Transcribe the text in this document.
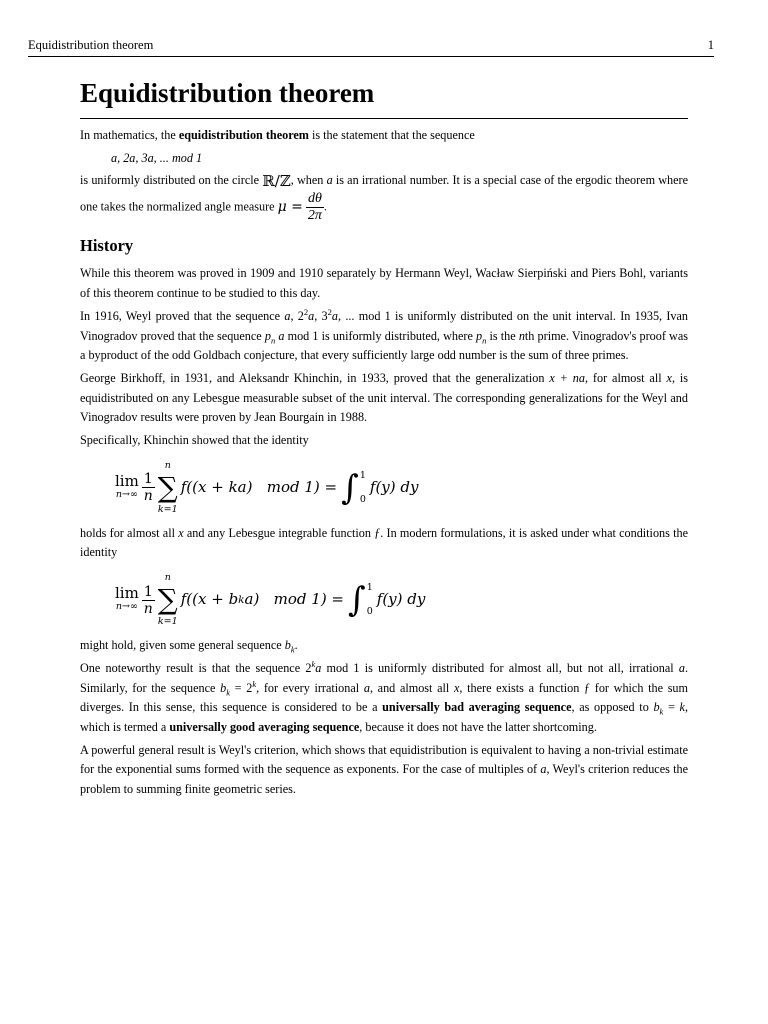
Equidistribution theorem	1
Equidistribution theorem

In mathematics, the equidistribution theorem is the statement that the sequence

a, 2a, 3a, ... mod 1

is uniformly distributed on the circle ℝ/ℤ, when a is an irrational number. It is a special case of the ergodic theorem where one takes the normalized angle measure $\mu = \frac{d\theta}{2\pi}$ .

History

While this theorem was proved in 1909 and 1910 separately by Hermann Weyl, Wacław Sierpiński and Piers Bohl, variants of this theorem continue to be studied to this day.

In 1916, Weyl proved that the sequence a, $2^2a$, $3^2a$, ... mod 1 is uniformly distributed on the unit interval. In 1935, Ivan Vinogradov proved that the sequence $p_n$ a mod 1 is uniformly distributed, where $p_n$ is the nth prime. Vinogradov's proof was a byproduct of the odd Goldbach conjecture, that every sufficiently large odd number is the sum of three primes.

George Birkhoff, in 1931, and Aleksandr Khinchin, in 1933, proved that the generalization x + na, for almost all x, is equidistributed on any Lebesgue measurable subset of the unit interval. The corresponding generalizations for the Weyl and Vinogradov results were proven by Jean Bourgain in 1988.

Specifically, Khinchin showed that the identity

lim
$n\to\infty \frac{1}{n}$
n
∑
k=1
f((x + ka)   mod 1) = ∫ 1
0
f(y) dy

holds for almost all x and any Lebesgue integrable function ƒ. In modern formulations, it is asked under what conditions the identity

lim
$n\to\infty \frac{1}{n}$
n
∑
k=1
f((x + b k a)   mod 1) = ∫ 1
0
f(y) dy

might hold, given some general sequence $b_k$.

One noteworthy result is that the sequence 2$^k$a mod 1 is uniformly distributed for almost all, but not all, irrational a. Similarly, for the sequence $b_k = 2^k$, for every irrational a, and almost all x, there exists a function ƒ for which the sum diverges. In this sense, this sequence is considered to be a universally bad averaging sequence, as opposed to $b_k = k$, which is termed a universally good averaging sequence, because it does not have the latter shortcoming.

A powerful general result is Weyl's criterion, which shows that equidistribution is equivalent to having a non-trivial estimate for the exponential sums formed with the sequence as exponents. For the case of multiples of a, Weyl's criterion reduces the problem to summing finite geometric series.
